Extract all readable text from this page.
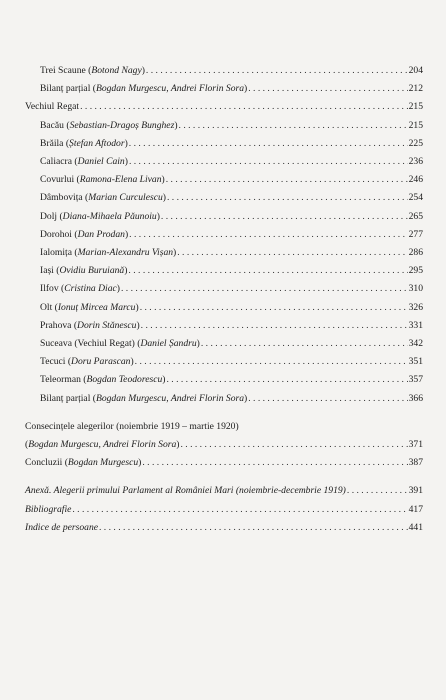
Trei Scaune (Botond Nagy) . . .	204
Bilanț parțial (Bogdan Murgescu, Andrei Florin Sora) . . .	212
Vechiul Regat . . .	215
Bacău (Sebastian-Dragoș Bunghez) . . .	215
Brăila (Ștefan Aftodor) . . .	225
Caliacra (Daniel Cain) . . .	236
Covurlui (Ramona-Elena Livan) . . .	246
Dâmbovița (Marian Curculescu) . . .	254
Dolj (Diana-Mihaela Păunoiu) . . .	265
Dorohoi (Dan Prodan) . . .	277
Ialomița (Marian-Alexandru Vișan) . . .	286
Iași (Ovidiu Buruiană) . . .	295
Ilfov (Cristina Diac) . . .	310
Olt (Ionuț Mircea Marcu) . . .	326
Prahova (Dorin Stănescu) . . .	331
Suceava (Vechiul Regat) (Daniel Șandru) . . .	342
Tecuci (Doru Parascan) . . .	351
Teleorman (Bogdan Teodorescu) . . .	357
Bilanț parțial (Bogdan Murgescu, Andrei Florin Sora) . . .	366
Consecințele alegerilor (noiembrie 1919 – martie 1920)
(Bogdan Murgescu, Andrei Florin Sora) . . .	371
Concluzii (Bogdan Murgescu) . . .	387
Anexă. Alegerii primului Parlament al României Mari (noiembrie-decembrie 1919) . . .	391
Bibliografie . . .	417
Indice de persoane . . .	441
